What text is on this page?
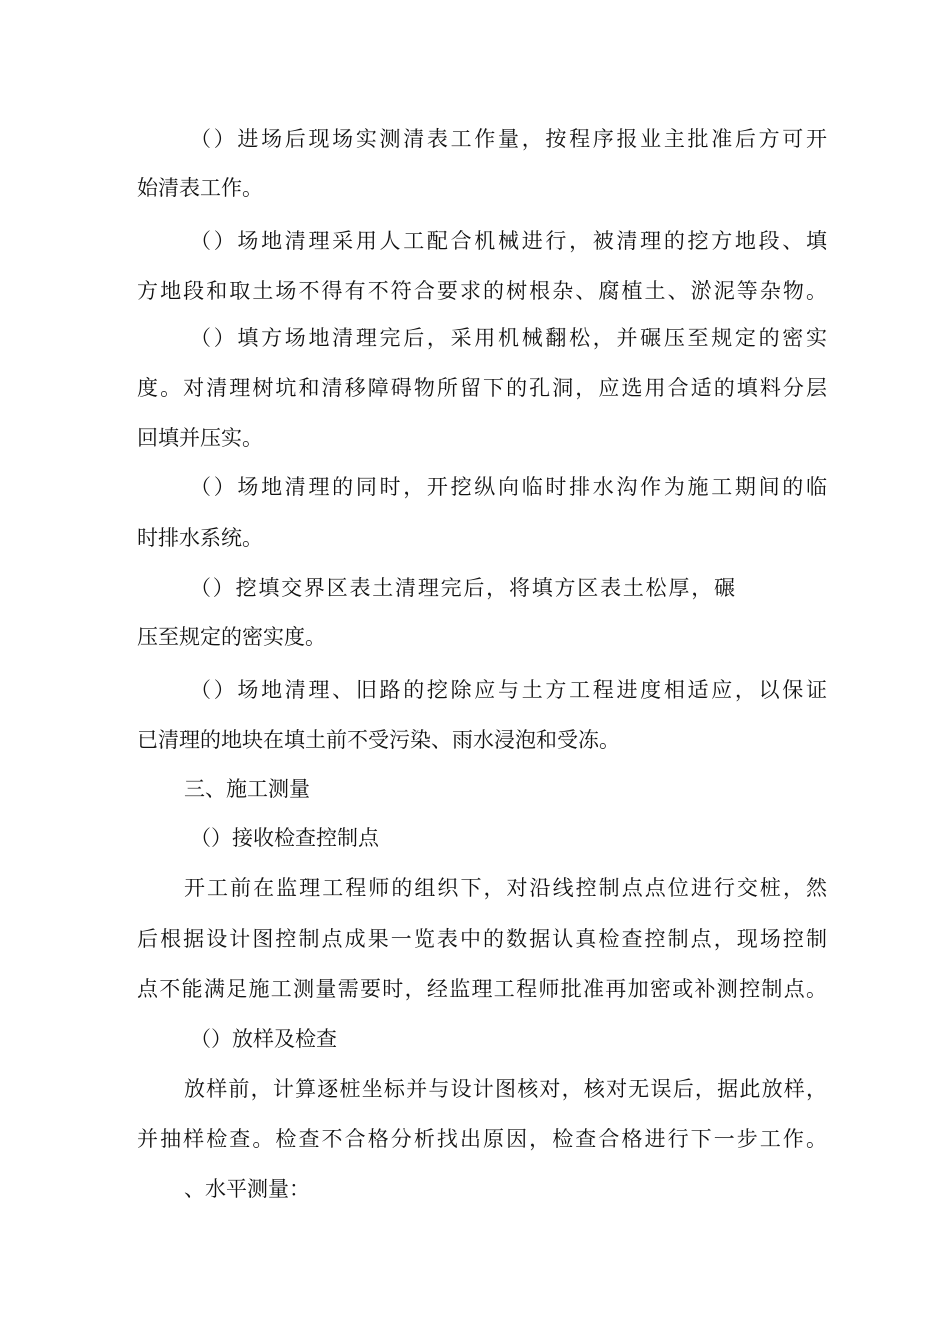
（）进场后现场实测清表工作量，按程序报业主批准后方可开
始清表工作。
（）场地清理采用人工配合机械进行，被清理的挖方地段、填
方地段和取土场不得有不符合要求的树根杂、腐植土、淤泥等杂物。
（）填方场地清理完后，采用机械翻松，并碾压至规定的密实
度。对清理树坑和清移障碍物所留下的孔洞，应选用合适的填料分层
回填并压实。
（）场地清理的同时，开挖纵向临时排水沟作为施工期间的临
时排水系统。
（）挖填交界区表土清理完后，将填方区表土松厚，碾
压至规定的密实度。
（）场地清理、旧路的挖除应与土方工程进度相适应，以保证
已清理的地块在填土前不受污染、雨水浸泡和受冻。
三、施工测量
（）接收检查控制点
开工前在监理工程师的组织下，对沿线控制点点位进行交桩，然
后根据设计图控制点成果一览表中的数据认真检查控制点，现场控制
点不能满足施工测量需要时，经监理工程师批准再加密或补测控制点。
（）放样及检查
放样前，计算逐桩坐标并与设计图核对，核对无误后，据此放样，
并抽样检查。检查不合格分析找出原因，检查合格进行下一步工作。
、水平测量：
